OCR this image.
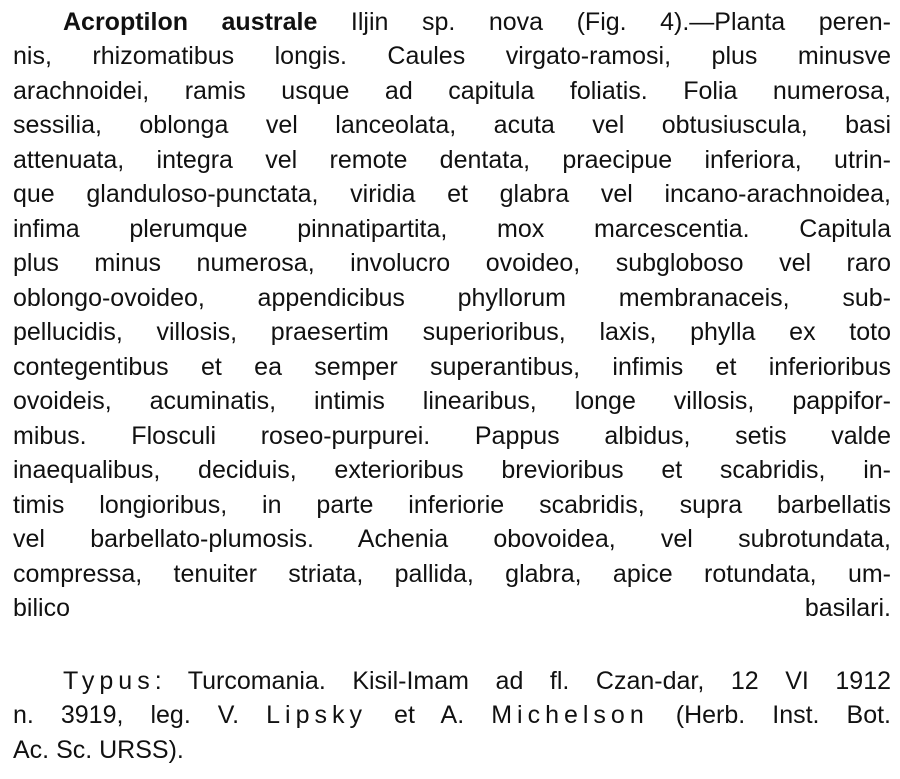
Acroptilon australe Iljin sp. nova (Fig. 4).—Planta peren-
nis, rhizomatibus longis. Caules virgato-ramosi, plus minusve
arachnoidei, ramis usque ad capitula foliatis. Folia numerosa,
sessilia, oblonga vel lanceolata, acuta vel obtusiuscula, basi
attenuata, integra vel remote dentata, praecipue inferiora, utrin-
que glanduloso-punctata, viridia et glabra vel incano-arachnoidea,
infima plerumque pinnatipartita, mox marcescentia. Capitula
plus minus numerosa, involucro ovoideo, subgloboso vel raro
oblongo-ovoideo, appendicibus phyllorum membranaceis, sub-
pellucidis, villosis, praesertim superioribus, laxis, phylla ex toto
contegentibus et ea semper superantibus, infimis et inferioribus
ovoideis, acuminatis, intimis linearibus, longe villosis, pappifor-
mibus. Flosculi roseo-purpurei. Pappus albidus, setis valde
inaequalibus, deciduis, exterioribus brevioribus et scabridis, in-
timis longioribus, in parte inferiorie scabridis, supra barbellatis
vel barbellato-plumosis. Achenia obovoidea, vel subrotundata,
compressa, tenuiter striata, pallida, glabra, apice rotundata, um-
bilico basilari.
Typus: Turcomania. Kisil-Imam ad fl. Czan-dar, 12 VI 1912
n. 3919, leg. V. Lipsky et A. Michelson (Herb. Inst. Bot.
Ac. Sc. URSS).
